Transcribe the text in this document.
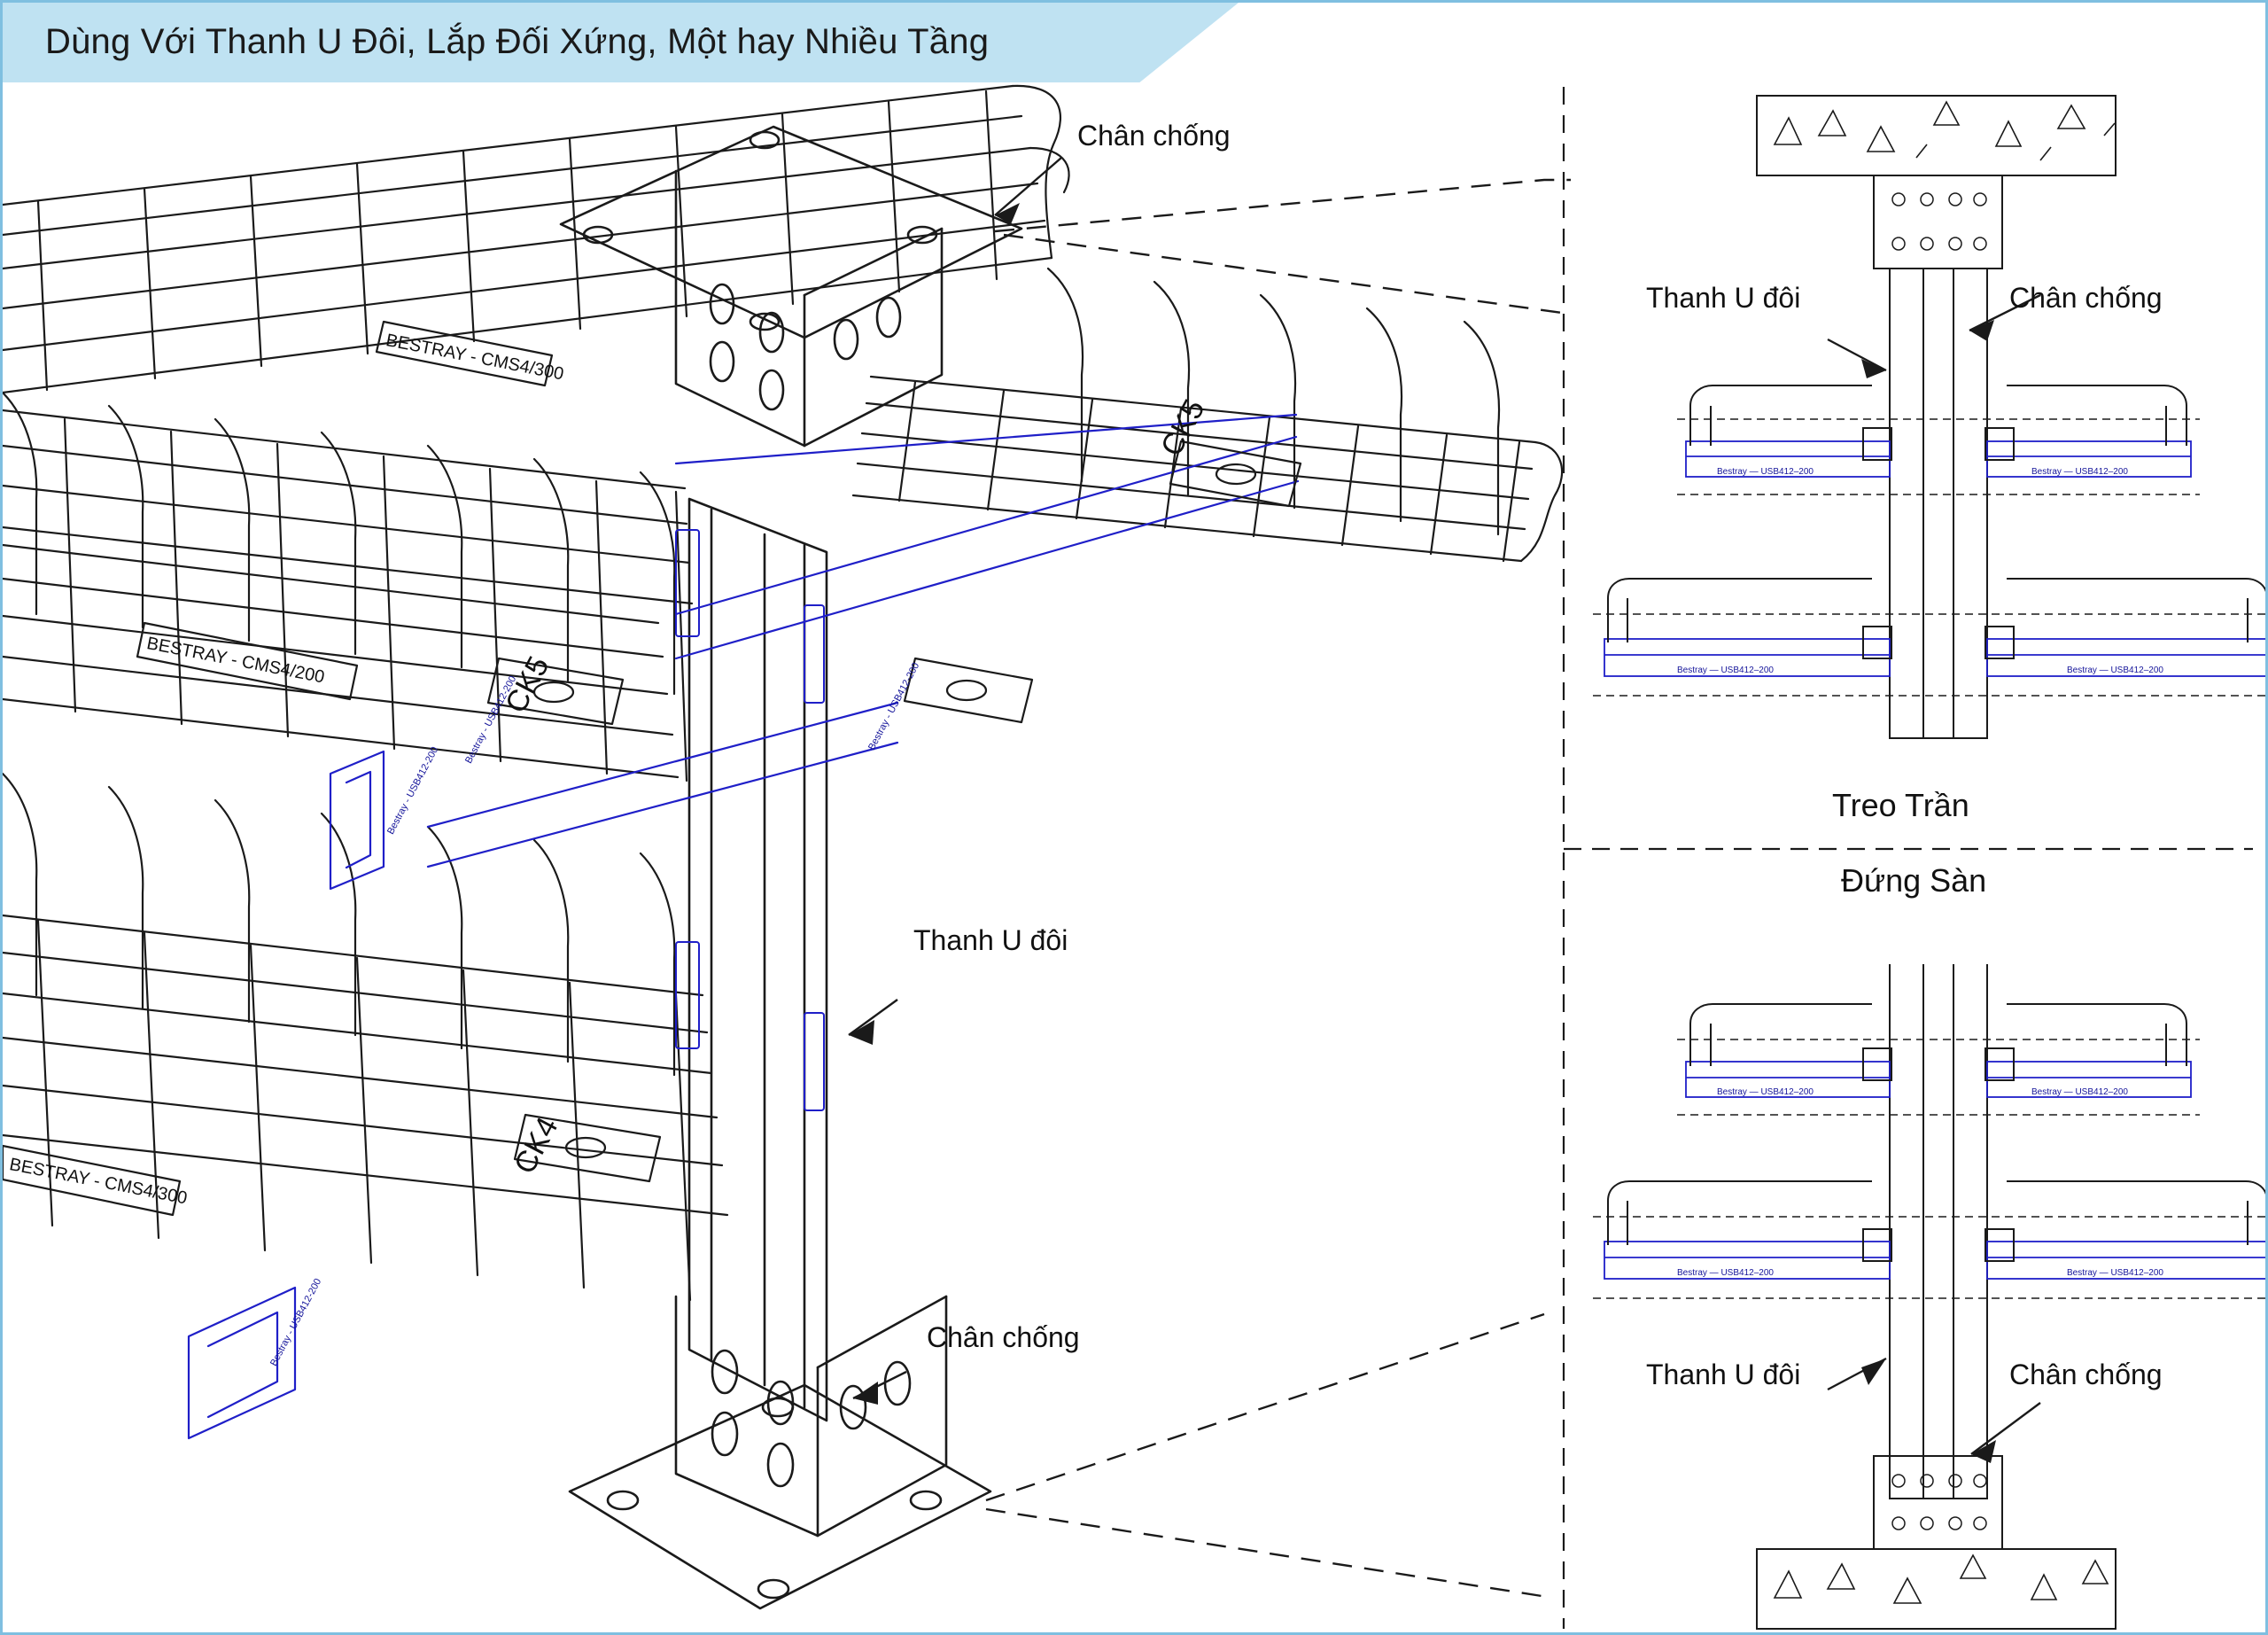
Dùng Với Thanh U Đôi, Lắp Đối Xứng, Một hay Nhiều Tầng
Chân chống
Thanh U đôi
Chân chống
BESTRAY - CMS4/300
BESTRAY - CMS4/200
BESTRAY - CMS4/300
CK5
CK5
CK4
Bestray - USB412-200
Bestray - USB412-200
Bestray - USB412-200
Bestray - USB412-200
Thanh U đôi	Chân chống
Treo Trần
Bestray — USB412–200	Bestray — USB412–200
Bestray — USB412–200	Bestray — USB412–200
Đứng Sàn
Thanh U đôi	Chân chống
Bestray — USB412–200	Bestray — USB412–200
Bestray — USB412–200	Bestray — USB412–200
